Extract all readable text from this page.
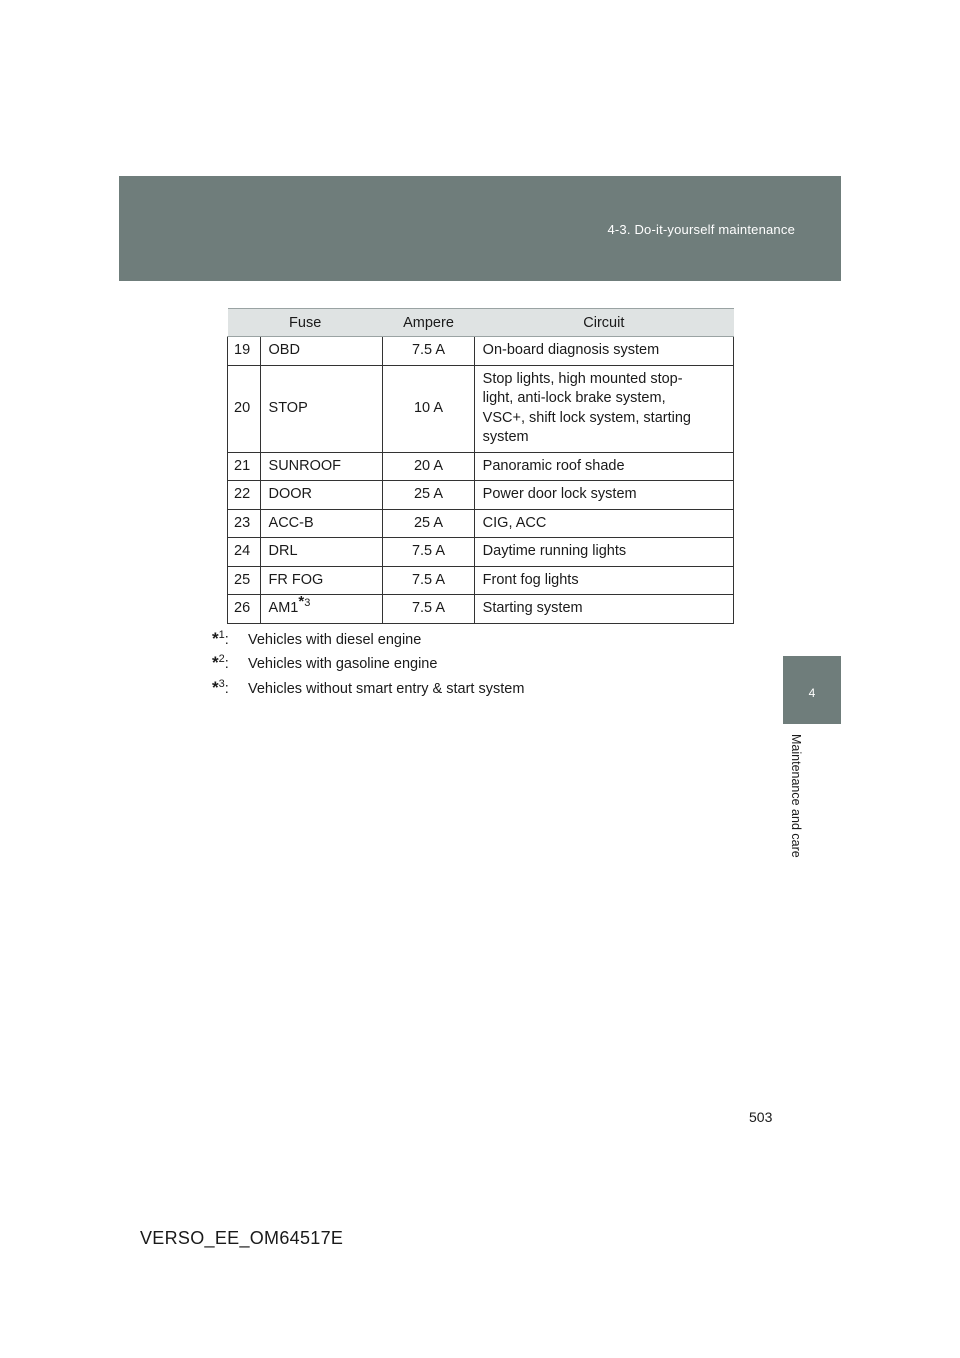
4-3. Do-it-yourself maintenance
4
Maintenance and care
Fuse		Ampere	Circuit
19	OBD	7.5 A	On-board diagnosis system

20	STOP	10 A	Stop lights, high mounted stop-
light, anti-lock brake system,
VSC+, shift lock system, starting
system

21	SUNROOF	20 A	Panoramic roof shade

22	DOOR	25 A	Power door lock system

23	ACC-B	25 A	CIG, ACC

24	DRL	7.5 A	Daytime running lights

25	FR FOG	7.5 A	Front fog lights

26	AM1$^{*3}$	7.5 A	Starting system
*$^1$: Vehicles with diesel engine
*$^2$: Vehicles with gasoline engine
*$^3$: Vehicles without smart entry & start system
503
VERSO_EE_OM64517E
